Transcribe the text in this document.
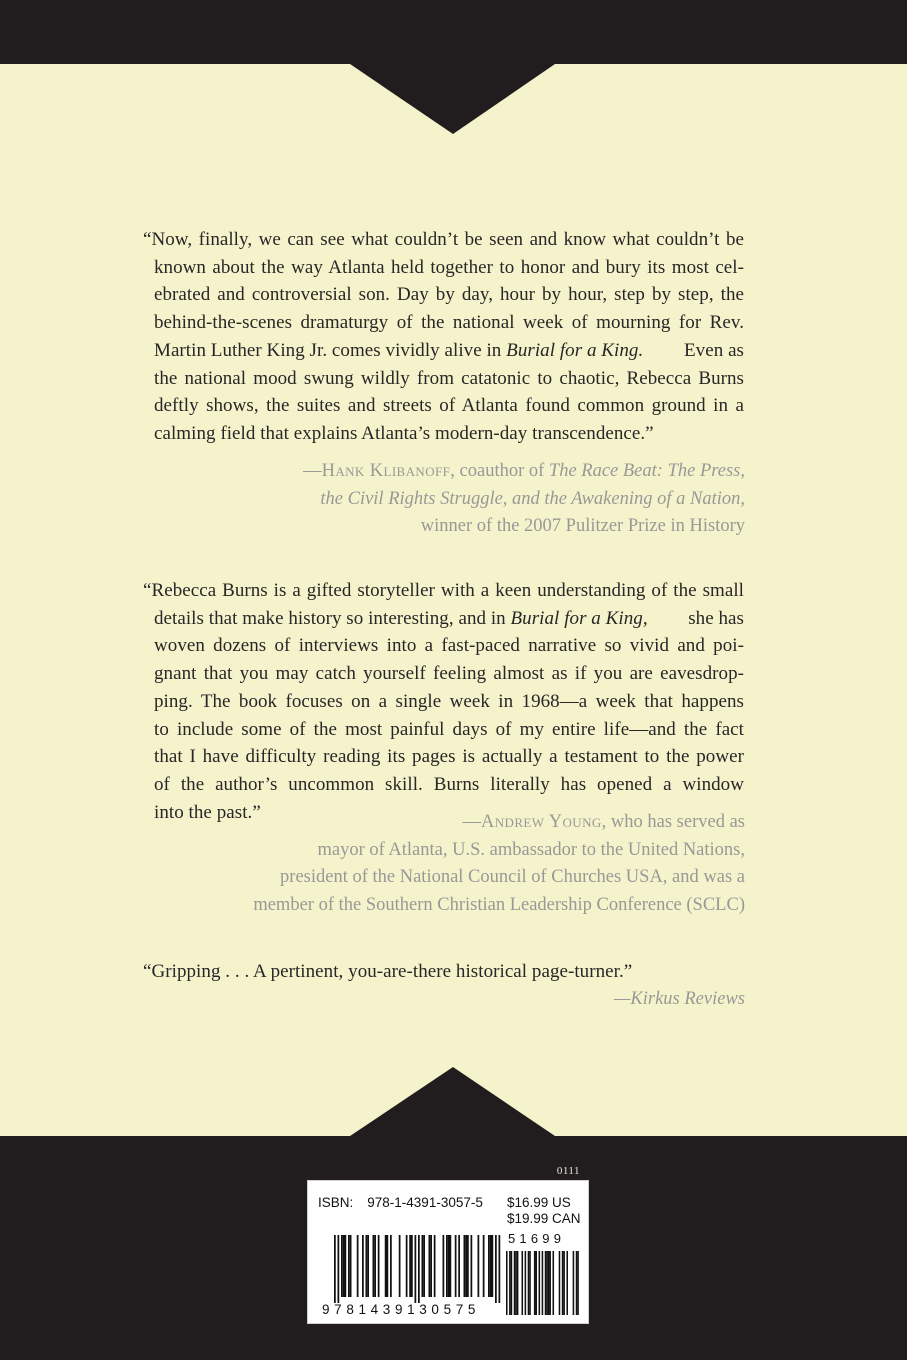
“Now, finally, we can see what couldn’t be seen and know what couldn’t be
known about the way Atlanta held together to honor and bury its most cel-
ebrated and controversial son. Day by day, hour by hour, step by step, the
behind-the-scenes dramaturgy of the national week of mourning for Rev.
Martin Luther King Jr. comes vividly alive in Burial for a King. Even as
the national mood swung wildly from catatonic to chaotic, Rebecca Burns
deftly shows, the suites and streets of Atlanta found common ground in a
calming field that explains Atlanta’s modern-day transcendence.”
—Hank Klibanoff, coauthor of The Race Beat: The Press,
the Civil Rights Struggle, and the Awakening of a Nation,
winner of the 2007 Pulitzer Prize in History
“Rebecca Burns is a gifted storyteller with a keen understanding of the small
details that make history so interesting, and in Burial for a King, she has
woven dozens of interviews into a fast-paced narrative so vivid and poi-
gnant that you may catch yourself feeling almost as if you are eavesdrop-
ping. The book focuses on a single week in 1968—a week that happens
to include some of the most painful days of my entire life—and the fact
that I have difficulty reading its pages is actually a testament to the power
of the author’s uncommon skill. Burns literally has opened a window
into the past.”	—Andrew Young, who has served as
mayor of Atlanta, U.S. ambassador to the United Nations,
president of the National Council of Churches USA, and was a
member of the Southern Christian Leadership Conference (SCLC)
“Gripping . . . A pertinent, you-are-there historical page-turner.”
—Kirkus Reviews
0111
ISBN: 978-1-4391-3057-5 $16.99 US
$19.99 CAN
51699
9781439130575
